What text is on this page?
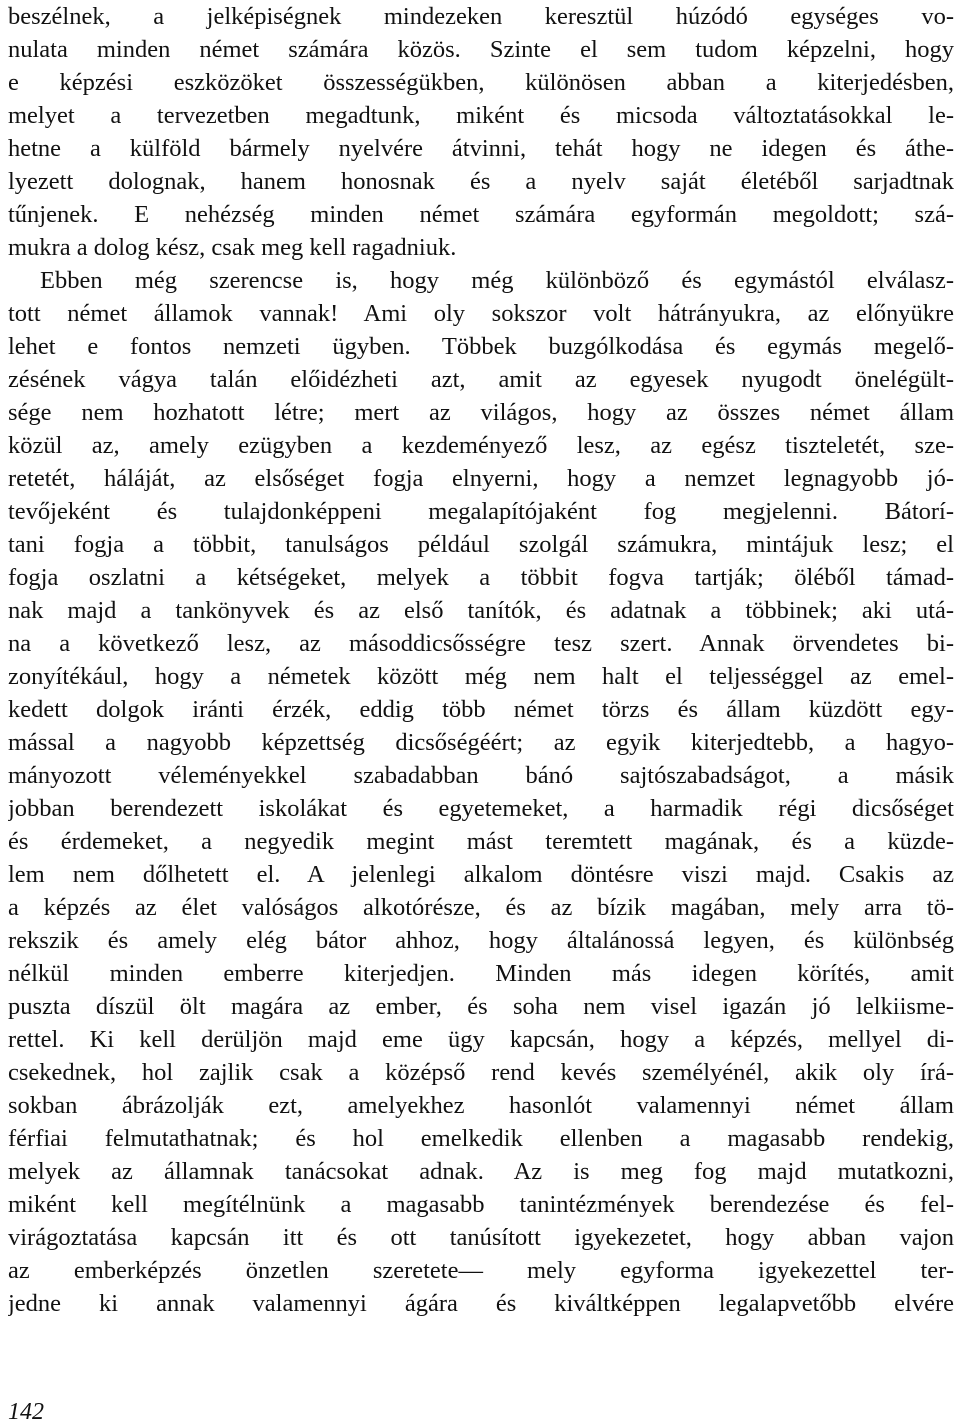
beszélnek, a jelképiségnek mindezeken keresztül húzódó egységes vo-
nulata minden német számára közös. Szinte el sem tudom képzelni, hogy
e képzési eszközöket összességükben, különösen abban a kiterjedésben,
melyet a tervezetben megadtunk, miként és micsoda változtatásokkal le-
hetne a külföld bármely nyelvére átvinni, tehát hogy ne idegen és áthe-
lyezett dolognak, hanem honosnak és a nyelv saját életéből sarjadtnak
tűnjenek. E nehézség minden német számára egyformán megoldott; szá-
mukra a dolog kész, csak meg kell ragadniuk.
Ebben még szerencse is, hogy még különböző és egymástól elválasz-
tott német államok vannak! Ami oly sokszor volt hátrányukra, az előnyükre
lehet e fontos nemzeti ügyben. Többek buzgólkodása és egymás megelő-
zésének vágya talán előidézheti azt, amit az egyesek nyugodt önelégült-
sége nem hozhatott létre; mert az világos, hogy az összes német állam
közül az, amely ezügyben a kezdeményező lesz, az egész tiszteletét, sze-
retetét, háláját, az elsőséget fogja elnyerni, hogy a nemzet legnagyobb jó-
tevőjeként és tulajdonképpeni megalapítójaként fog megjelenni. Bátorí-
tani fogja a többit, tanulságos például szolgál számukra, mintájuk lesz; el
fogja oszlatni a kétségeket, melyek a többit fogva tartják; öléből támad-
nak majd a tankönyvek és az első tanítók, és adatnak a többinek; aki utá-
na a következő lesz, az másoddicsősségre tesz szert. Annak örvendetes bi-
zonyítékául, hogy a németek között még nem halt el teljességgel az emel-
kedett dolgok iránti érzék, eddig több német törzs és állam küzdött egy-
mással a nagyobb képzettség dicsőségéért; az egyik kiterjedtebb, a hagyo-
mányozott véleményekkel szabadabban bánó sajtószabadságot, a másik
jobban berendezett iskolákat és egyetemeket, a harmadik régi dicsőséget
és érdemeket, a negyedik megint mást teremtett magának, és a küzde-
lem nem dőlhetett el. A jelenlegi alkalom döntésre viszi majd. Csakis az
a képzés az élet valóságos alkotórésze, és az bízik magában, mely arra tö-
rekszik és amely elég bátor ahhoz, hogy általánossá legyen, és különbség
nélkül minden emberre kiterjedjen. Minden más idegen körítés, amit
puszta díszül ölt magára az ember, és soha nem visel igazán jó lelkiisme-
rettel. Ki kell derüljön majd eme ügy kapcsán, hogy a képzés, mellyel di-
csekednek, hol zajlik csak a középső rend kevés személyénél, akik oly írá-
sokban ábrázolják ezt, amelyekhez hasonlót valamennyi német állam
férfiai felmutathatnak; és hol emelkedik ellenben a magasabb rendekig,
melyek az államnak tanácsokat adnak. Az is meg fog majd mutatkozni,
miként kell megítélnünk a magasabb tanintézmények berendezése és fel-
virágoztatása kapcsán itt és ott tanúsított igyekezetet, hogy abban vajon
az emberképzés önzetlen szeretete— mely egyforma igyekezettel ter-
jedne ki annak valamennyi ágára és kiváltképpen legalapvetőbb elvére
142
